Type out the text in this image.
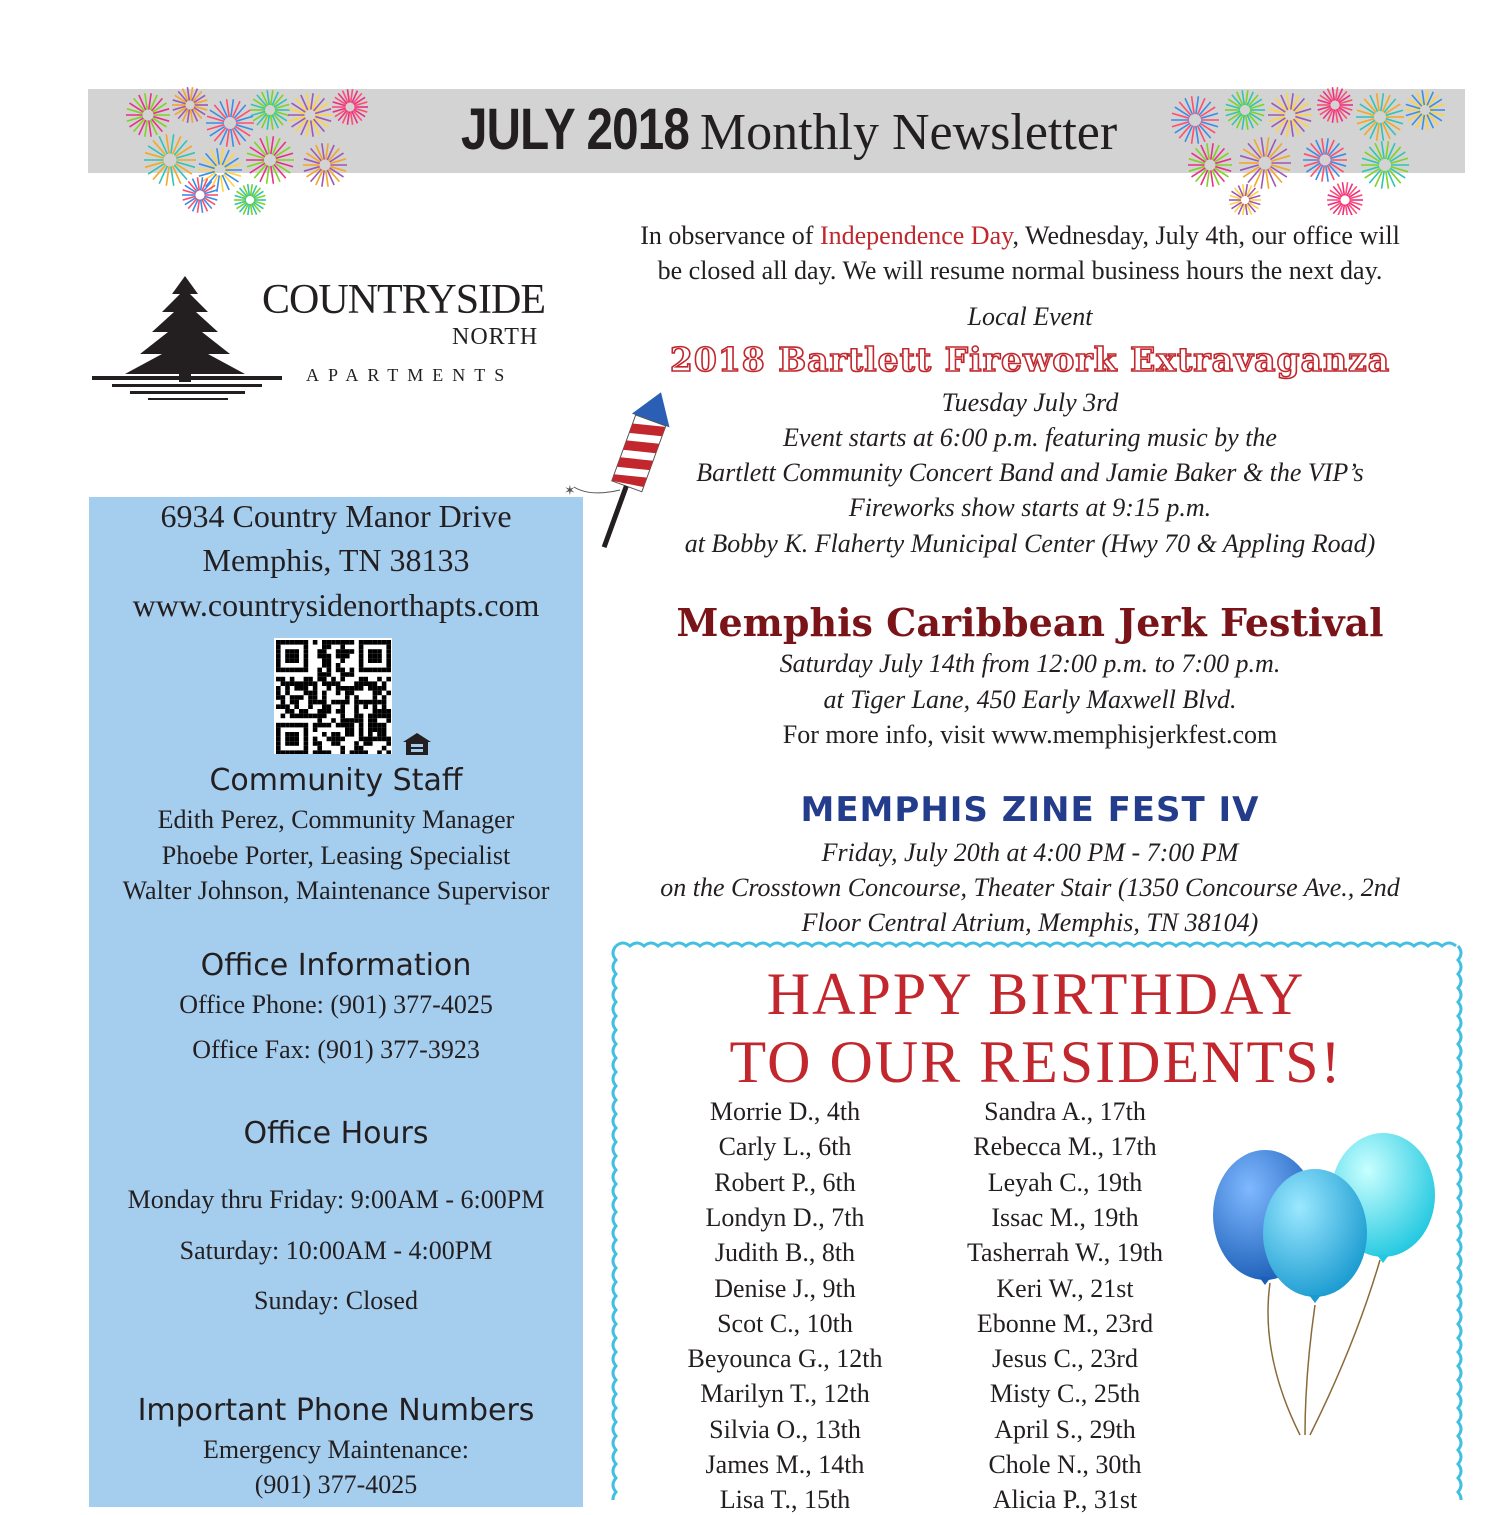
JULY 2018 Monthly Newsletter
COUNTRYSIDE
NORTH
APARTMENTS
6934 Country Manor Drive
Memphis, TN 38133
www.countrysidenorthapts.com
Community Staff
Edith Perez, Community Manager
Phoebe Porter, Leasing Specialist
Walter Johnson, Maintenance Supervisor
Office Information
Office Phone: (901) 377-4025
Office Fax: (901) 377-3923
Office Hours
Monday thru Friday: 9:00AM - 6:00PM
Saturday: 10:00AM - 4:00PM
Sunday: Closed
Important Phone Numbers
Emergency Maintenance:
(901) 377-4025
In observance of Independence Day, Wednesday, July 4th, our office will
be closed all day. We will resume normal business hours the next day.
Local Event
2018 Bartlett Firework Extravaganza
Tuesday July 3rd
Event starts at 6:00 p.m. featuring music by the
Bartlett Community Concert Band and Jamie Baker & the VIP’s
Fireworks show starts at 9:15 p.m.
at Bobby K. Flaherty Municipal Center (Hwy 70 & Appling Road)
✶
Memphis Caribbean Jerk Festival
Saturday July 14th from 12:00 p.m. to 7:00 p.m.
at Tiger Lane, 450 Early Maxwell Blvd.
For more info, visit www.memphisjerkfest.com
MEMPHIS ZINE FEST IV
Friday, July 20th at 4:00 PM - 7:00 PM
on the Crosstown Concourse, Theater Stair (1350 Concourse Ave., 2nd
Floor Central Atrium, Memphis, TN 38104)
HAPPY BIRTHDAY
TO OUR RESIDENTS!
Morrie D., 4th
Carly L., 6th
Robert P., 6th
Londyn D., 7th
Judith B., 8th
Denise J., 9th
Scot C., 10th
Beyounca G., 12th
Marilyn T., 12th
Silvia O., 13th
James M., 14th
Lisa T., 15th
Sandra A., 17th
Rebecca M., 17th
Leyah C., 19th
Issac M., 19th
Tasherrah W., 19th
Keri W., 21st
Ebonne M., 23rd
Jesus C., 23rd
Misty C., 25th
April S., 29th
Chole N., 30th
Alicia P., 31st
